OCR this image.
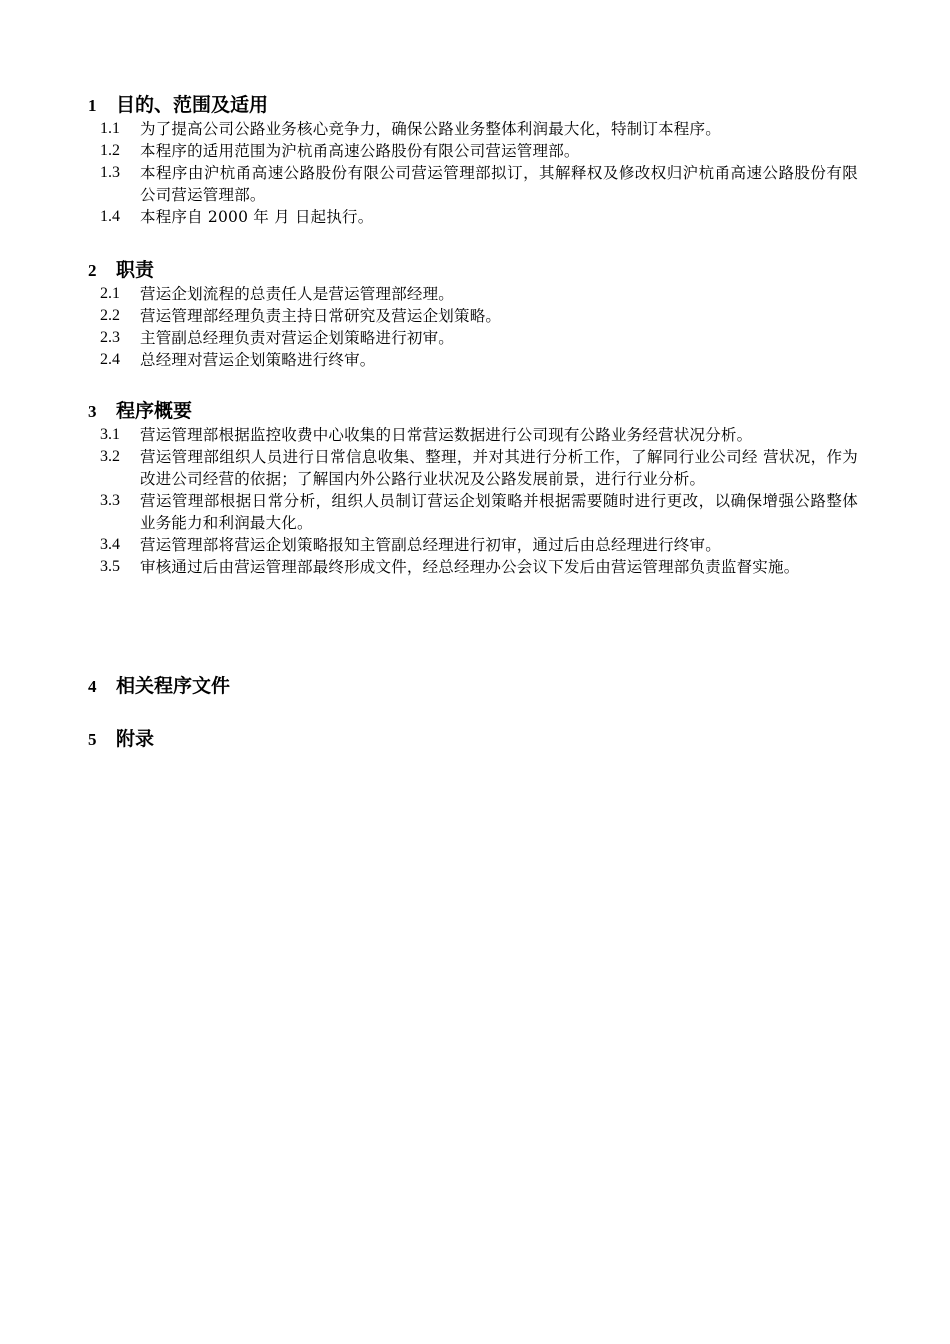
1	目的、范围及适用
1.1	为了提高公司公路业务核心竞争力，确保公路业务整体利润最大化，特制订本程序。
1.2	本程序的适用范围为沪杭甬高速公路股份有限公司营运管理部。
1.3	本程序由沪杭甬高速公路股份有限公司营运管理部拟订，其解释权及修改权归沪杭甬高速公路股份有限公司营运管理部。
1.4	本程序自 2000 年 月 日起执行。
2	职责
2.1	营运企划流程的总责任人是营运管理部经理。
2.2	营运管理部经理负责主持日常研究及营运企划策略。
2.3	主管副总经理负责对营运企划策略进行初审。
2.4	总经理对营运企划策略进行终审。
3	程序概要
3.1	营运管理部根据监控收费中心收集的日常营运数据进行公司现有公路业务经营状况分析。
3.2	营运管理部组织人员进行日常信息收集、整理，并对其进行分析工作，了解同行业公司经 营状况，作为改进公司经营的依据；了解国内外公路行业状况及公路发展前景，进行行业分析。
3.3	营运管理部根据日常分析，组织人员制订营运企划策略并根据需要随时进行更改，以确保增强公路整体业务能力和利润最大化。
3.4	营运管理部将营运企划策略报知主管副总经理进行初审，通过后由总经理进行终审。
3.5	审核通过后由营运管理部最终形成文件，经总经理办公会议下发后由营运管理部负责监督实施。
4	相关程序文件
5	附录
